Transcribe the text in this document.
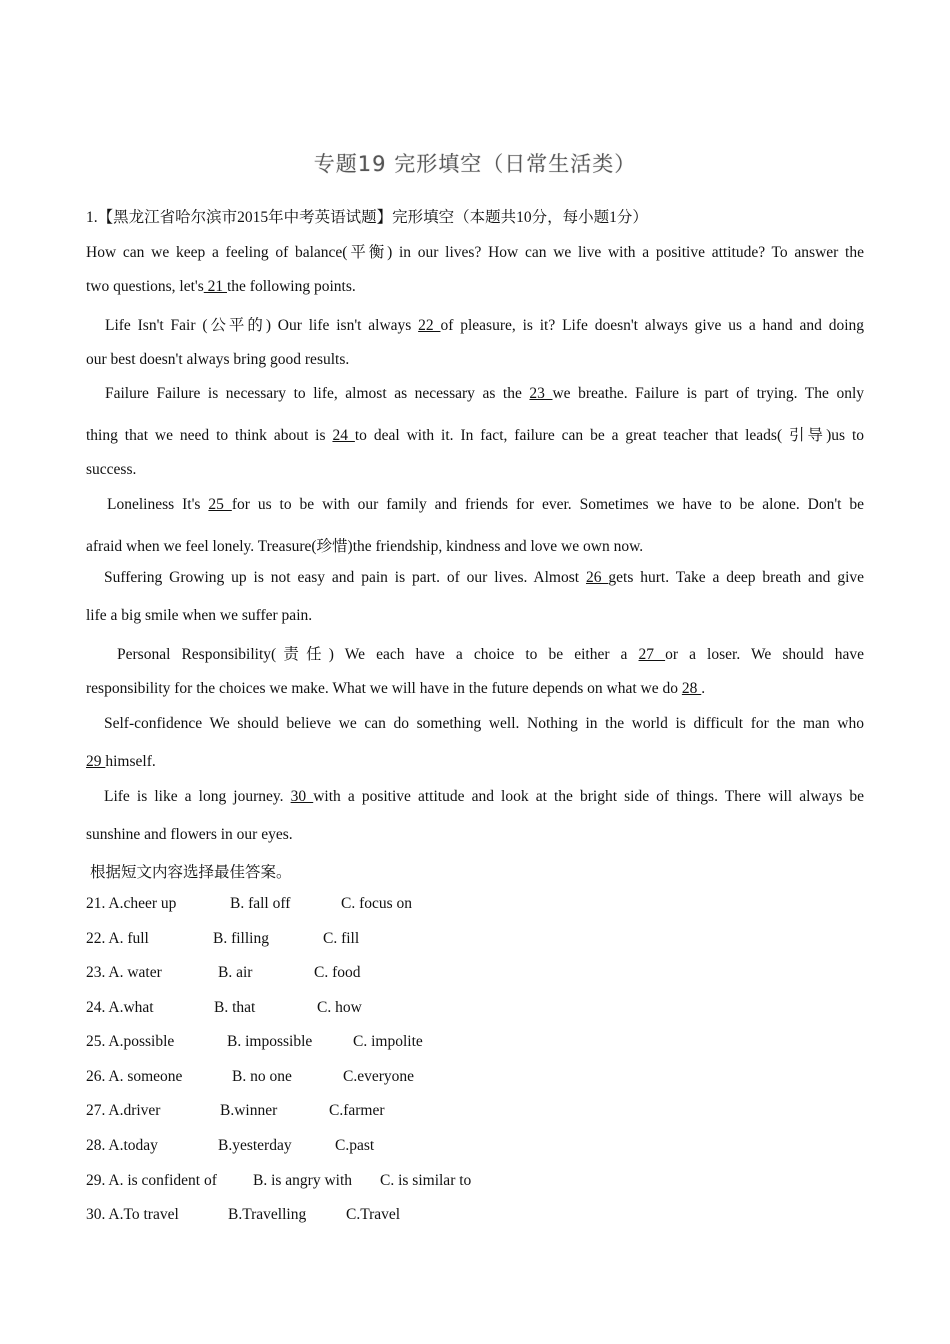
专题19 完形填空（日常生活类）
1.【黑龙江省哈尔滨市2015年中考英语试题】完形填空（本题共10分，每小题1分）
How can we keep a feeling of balance(平衡) in our lives? How can we live with a positive attitude? To answer the
two questions, let's 21 the following points.
Life Isn't Fair (公平的) Our life isn't always 22 of pleasure, is it? Life doesn't always give us a hand and doing
our best doesn't always bring good results.
Failure Failure is necessary to life, almost as necessary as the 23 we breathe. Failure is part of trying. The only
thing that we need to think about is 24 to deal with it. In fact, failure can be a great teacher that leads( 引导)us to
success.
Loneliness It's 25 for us to be with our family and friends for ever. Sometimes we have to be alone. Don't be
afraid when we feel lonely. Treasure(珍惜)the friendship, kindness and love we own now.
Suffering Growing up is not easy and pain is part. of our lives. Almost 26 gets hurt. Take a deep breath and give
life a big smile when we suffer pain.
Personal Responsibility(责任) We each have a choice to be either a 27 or a loser. We should have
responsibility for the choices we make. What we will have in the future depends on what we do 28 .
Self-confidence We should believe we can do something well. Nothing in the world is difficult for the man who
29 himself.
Life is like a long journey. 30 with a positive attitude and look at the bright side of things. There will always be
sunshine and flowers in our eyes.
根据短文内容选择最佳答案。
21. A.cheer up	B. fall off	C. focus on
22. A. full	B. filling	C. fill
23. A. water	B. air	C. food
24. A.what	B. that	C. how
25. A.possible	B. impossible	C. impolite
26. A. someone	B. no one	C.everyone
27. A.driver	B.winner	C.farmer
28. A.today	B.yesterday	C.past
29. A. is confident of B. is angry with C. is similar to
30. A.To travel	B.Travelling	C.Travel
